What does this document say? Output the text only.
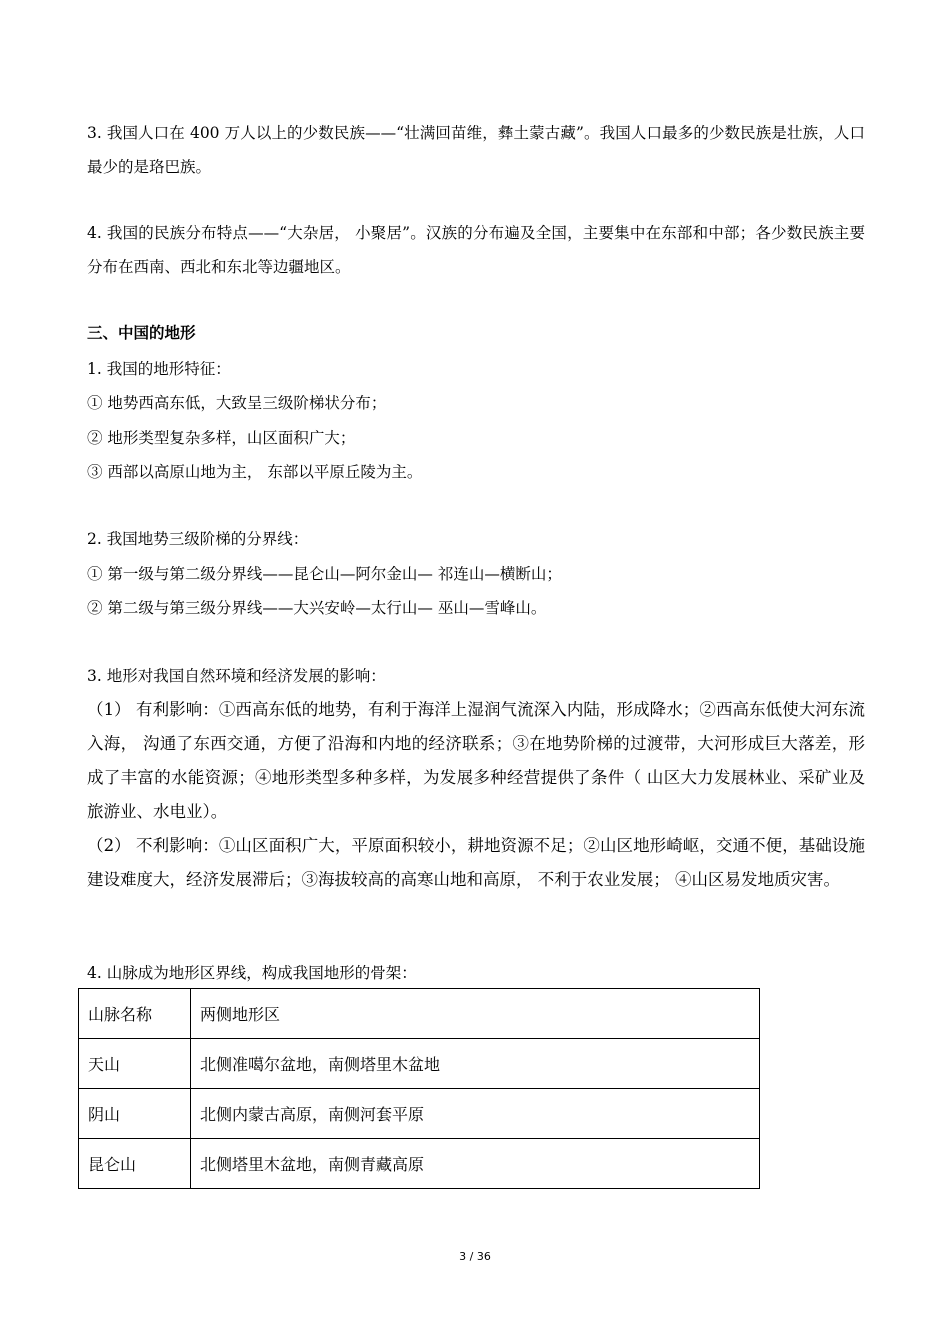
3. 我国人口在 400 万人以上的少数民族——“壮满回苗维，彝土蒙古藏”。我国人口最多的少数民族是壮族，人口最少的是珞巴族。

4. 我国的民族分布特点——“大杂居， 小聚居”。汉族的分布遍及全国，主要集中在东部和中部；各少数民族主要分布在西南、西北和东北等边疆地区。

三、中国的地形
1. 我国的地形特征：
① 地势西高东低，大致呈三级阶梯状分布；
② 地形类型复杂多样，山区面积广大；
③ 西部以高原山地为主， 东部以平原丘陵为主。
2. 我国地势三级阶梯的分界线：
① 第一级与第二级分界线——昆仑山—阿尔金山— 祁连山—横断山；
② 第二级与第三级分界线——大兴安岭—太行山— 巫山—雪峰山。
3. 地形对我国自然环境和经济发展的影响：

（1） 有利影响：①西高东低的地势，有利于海洋上湿润气流深入内陆，形成降水；②西高东低使大河东流入海， 沟通了东西交通，方便了沿海和内地的经济联系；③在地势阶梯的过渡带，大河形成巨大落差，形成了丰富的水能资源；④地形类型多种多样，为发展多种经营提供了条件（ 山区大力发展林业、采矿业及旅游业、水电业）。

（2） 不利影响：①山区面积广大，平原面积较小，耕地资源不足；②山区地形崎岖，交通不便，基础设施建设难度大，经济发展滞后；③海拔较高的高寒山地和高原， 不利于农业发展； ④山区易发地质灾害。

4. 山脉成为地形区界线，构成我国地形的骨架：
山脉名称	两侧地形区
天山	北侧准噶尔盆地，南侧塔里木盆地
阴山	北侧内蒙古高原，南侧河套平原
昆仑山	北侧塔里木盆地，南侧青藏高原
3 / 36
